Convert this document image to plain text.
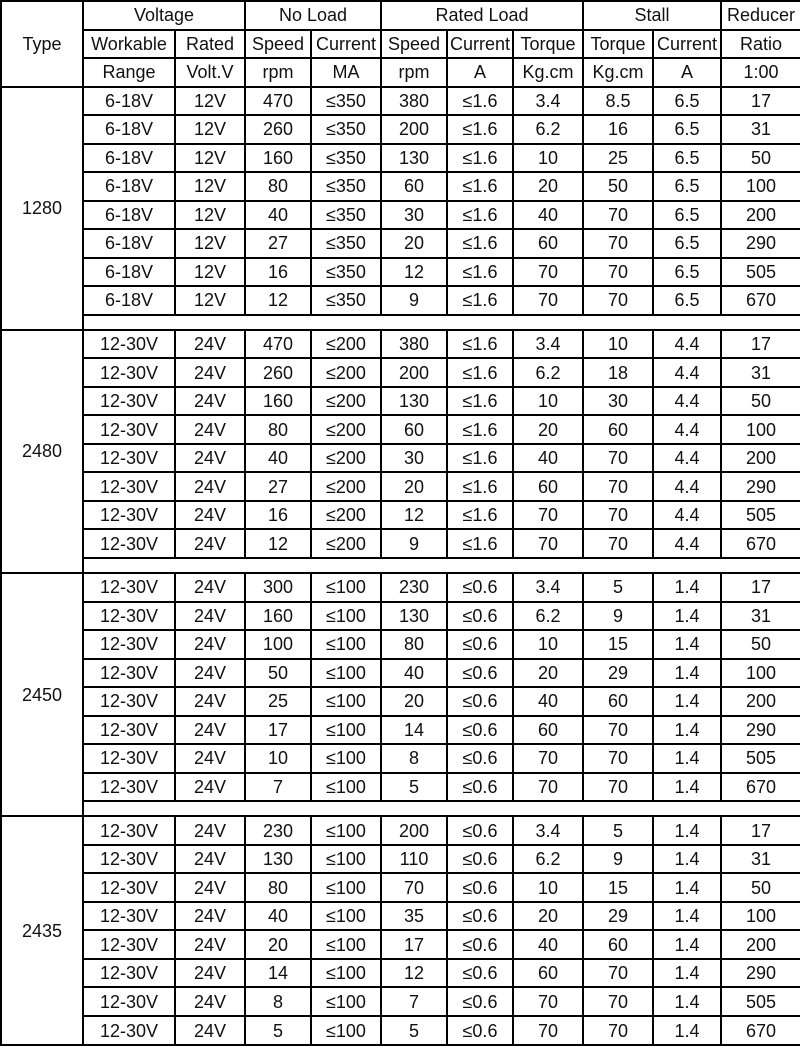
Type	Voltage		No Load		Rated Load			Stall		Reducer
	Workable	Rated	Speed	Current	Speed	Current	Torque	Torque	Current	Ratio
	Range	Volt.V	rpm	MA	rpm	A	Kg.cm	Kg.cm	A	1:00
1280	6-18V	12V	470	≤350	380	≤1.6	3.4	8.5	6.5	17
	6-18V	12V	260	≤350	200	≤1.6	6.2	16	6.5	31
	6-18V	12V	160	≤350	130	≤1.6	10	25	6.5	50
	6-18V	12V	80	≤350	60	≤1.6	20	50	6.5	100
	6-18V	12V	40	≤350	30	≤1.6	40	70	6.5	200
	6-18V	12V	27	≤350	20	≤1.6	60	70	6.5	290
	6-18V	12V	16	≤350	12	≤1.6	70	70	6.5	505
	6-18V	12V	12	≤350	9	≤1.6	70	70	6.5	670

2480	12-30V	24V	470	≤200	380	≤1.6	3.4	10	4.4	17
	12-30V	24V	260	≤200	200	≤1.6	6.2	18	4.4	31
	12-30V	24V	160	≤200	130	≤1.6	10	30	4.4	50
	12-30V	24V	80	≤200	60	≤1.6	20	60	4.4	100
	12-30V	24V	40	≤200	30	≤1.6	40	70	4.4	200
	12-30V	24V	27	≤200	20	≤1.6	60	70	4.4	290
	12-30V	24V	16	≤200	12	≤1.6	70	70	4.4	505
	12-30V	24V	12	≤200	9	≤1.6	70	70	4.4	670

2450	12-30V	24V	300	≤100	230	≤0.6	3.4	5	1.4	17
	12-30V	24V	160	≤100	130	≤0.6	6.2	9	1.4	31
	12-30V	24V	100	≤100	80	≤0.6	10	15	1.4	50
	12-30V	24V	50	≤100	40	≤0.6	20	29	1.4	100
	12-30V	24V	25	≤100	20	≤0.6	40	60	1.4	200
	12-30V	24V	17	≤100	14	≤0.6	60	70	1.4	290
	12-30V	24V	10	≤100	8	≤0.6	70	70	1.4	505
	12-30V	24V	7	≤100	5	≤0.6	70	70	1.4	670

2435	12-30V	24V	230	≤100	200	≤0.6	3.4	5	1.4	17
	12-30V	24V	130	≤100	110	≤0.6	6.2	9	1.4	31
	12-30V	24V	80	≤100	70	≤0.6	10	15	1.4	50
	12-30V	24V	40	≤100	35	≤0.6	20	29	1.4	100
	12-30V	24V	20	≤100	17	≤0.6	40	60	1.4	200
	12-30V	24V	14	≤100	12	≤0.6	60	70	1.4	290
	12-30V	24V	8	≤100	7	≤0.6	70	70	1.4	505
	12-30V	24V	5	≤100	5	≤0.6	70	70	1.4	670
